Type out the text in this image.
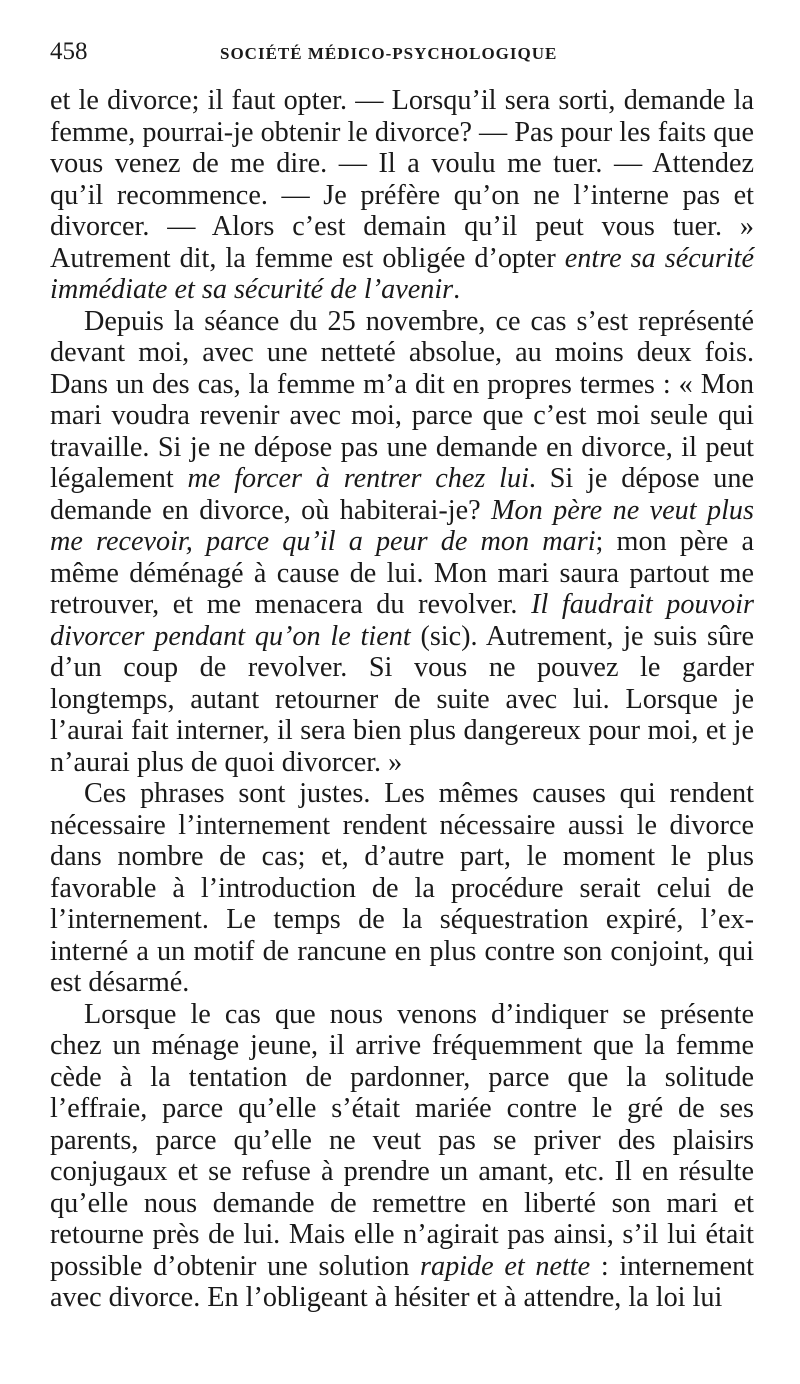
458	SOCIÉTÉ MÉDICO-PSYCHOLOGIQUE

et le divorce; il faut opter. — Lorsqu’il sera sorti, demande la femme, pourrai-je obtenir le divorce? — Pas pour les faits que vous venez de me dire. — Il a voulu me tuer. — Attendez qu’il recommence. — Je préfère qu’on ne l’interne pas et divorcer. — Alors c’est demain qu’il peut vous tuer. » Autrement dit, la femme est obligée d’opter entre sa sécurité immédiate et sa sécurité de l’avenir.

Depuis la séance du 25 novembre, ce cas s’est représenté devant moi, avec une netteté absolue, au moins deux fois. Dans un des cas, la femme m’a dit en propres termes : « Mon mari voudra revenir avec moi, parce que c’est moi seule qui travaille. Si je ne dépose pas une demande en divorce, il peut légalement me forcer à rentrer chez lui. Si je dépose une demande en divorce, où habiterai-je? Mon père ne veut plus me recevoir, parce qu’il a peur de mon mari; mon père a même déménagé à cause de lui. Mon mari saura partout me retrouver, et me menacera du revolver. Il faudrait pouvoir divorcer pendant qu’on le tient (sic). Autrement, je suis sûre d’un coup de revolver. Si vous ne pouvez le garder longtemps, autant retourner de suite avec lui. Lorsque je l’aurai fait interner, il sera bien plus dangereux pour moi, et je n’aurai plus de quoi divorcer. »

Ces phrases sont justes. Les mêmes causes qui rendent nécessaire l’internement rendent nécessaire aussi le divorce dans nombre de cas; et, d’autre part, le moment le plus favorable à l’introduction de la procédure serait celui de l’internement. Le temps de la séquestration expiré, l’ex-interné a un motif de rancune en plus contre son conjoint, qui est désarmé.

Lorsque le cas que nous venons d’indiquer se présente chez un ménage jeune, il arrive fréquemment que la femme cède à la tentation de pardonner, parce que la solitude l’effraie, parce qu’elle s’était mariée contre le gré de ses parents, parce qu’elle ne veut pas se priver des plaisirs conjugaux et se refuse à prendre un amant, etc. Il en résulte qu’elle nous demande de remettre en liberté son mari et retourne près de lui. Mais elle n’agirait pas ainsi, s’il lui était possible d’obtenir une solution rapide et nette : internement avec divorce. En l’obligeant à hésiter et à attendre, la loi lui
